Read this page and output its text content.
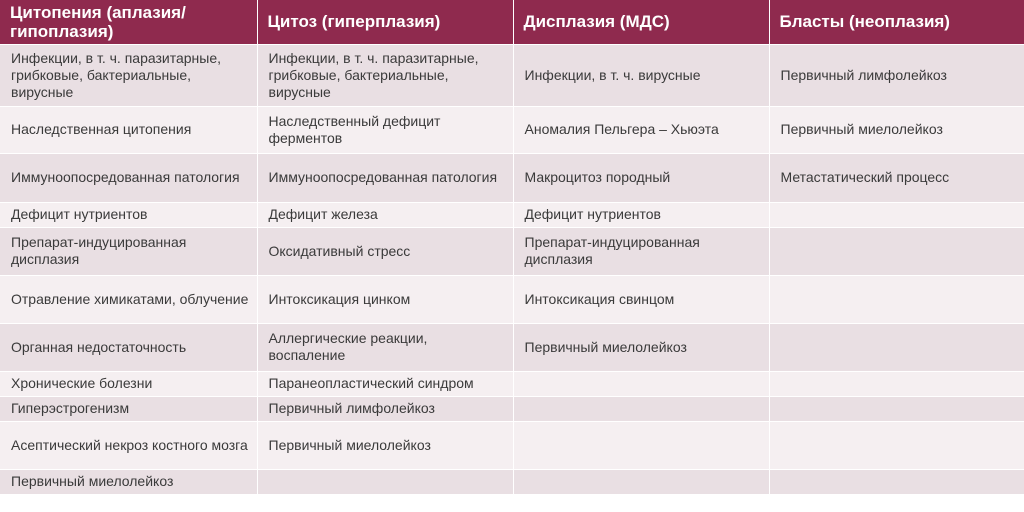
Цитопения (аплазия/ гипоплазия)	Цитоз (гиперплазия)	Дисплазия (МДС)	Бласты (неоплазия)
Инфекции, в т. ч. паразитарные, грибковые, бактериальные, вирусные	Инфекции, в т. ч. паразитарные, грибковые, бактериальные, вирусные	Инфекции, в т. ч. вирусные	Первичный лимфолейкоз
Наследственная цитопения	Наследственный дефицит ферментов	Аномалия Пельгера – Хьюэта	Первичный миелолейкоз
Иммуноопосредованная патология	Иммуноопосредованная патология	Макроцитоз породный	Метастатический процесс
Дефицит нутриентов	Дефицит железа	Дефицит нутриентов	
Препарат-индуцированная дисплазия	Оксидативный стресс	Препарат-индуцированная дисплазия	
Отравление химикатами, облучение	Интоксикация цинком	Интоксикация свинцом	
Органная недостаточность	Аллергические реакции, воспаление	Первичный миелолейкоз	
Хронические болезни	Паранеопластический синдром		
Гиперэстрогенизм	Первичный лимфолейкоз		
Асептический некроз костного мозга	Первичный миелолейкоз		
Первичный миелолейкоз			
